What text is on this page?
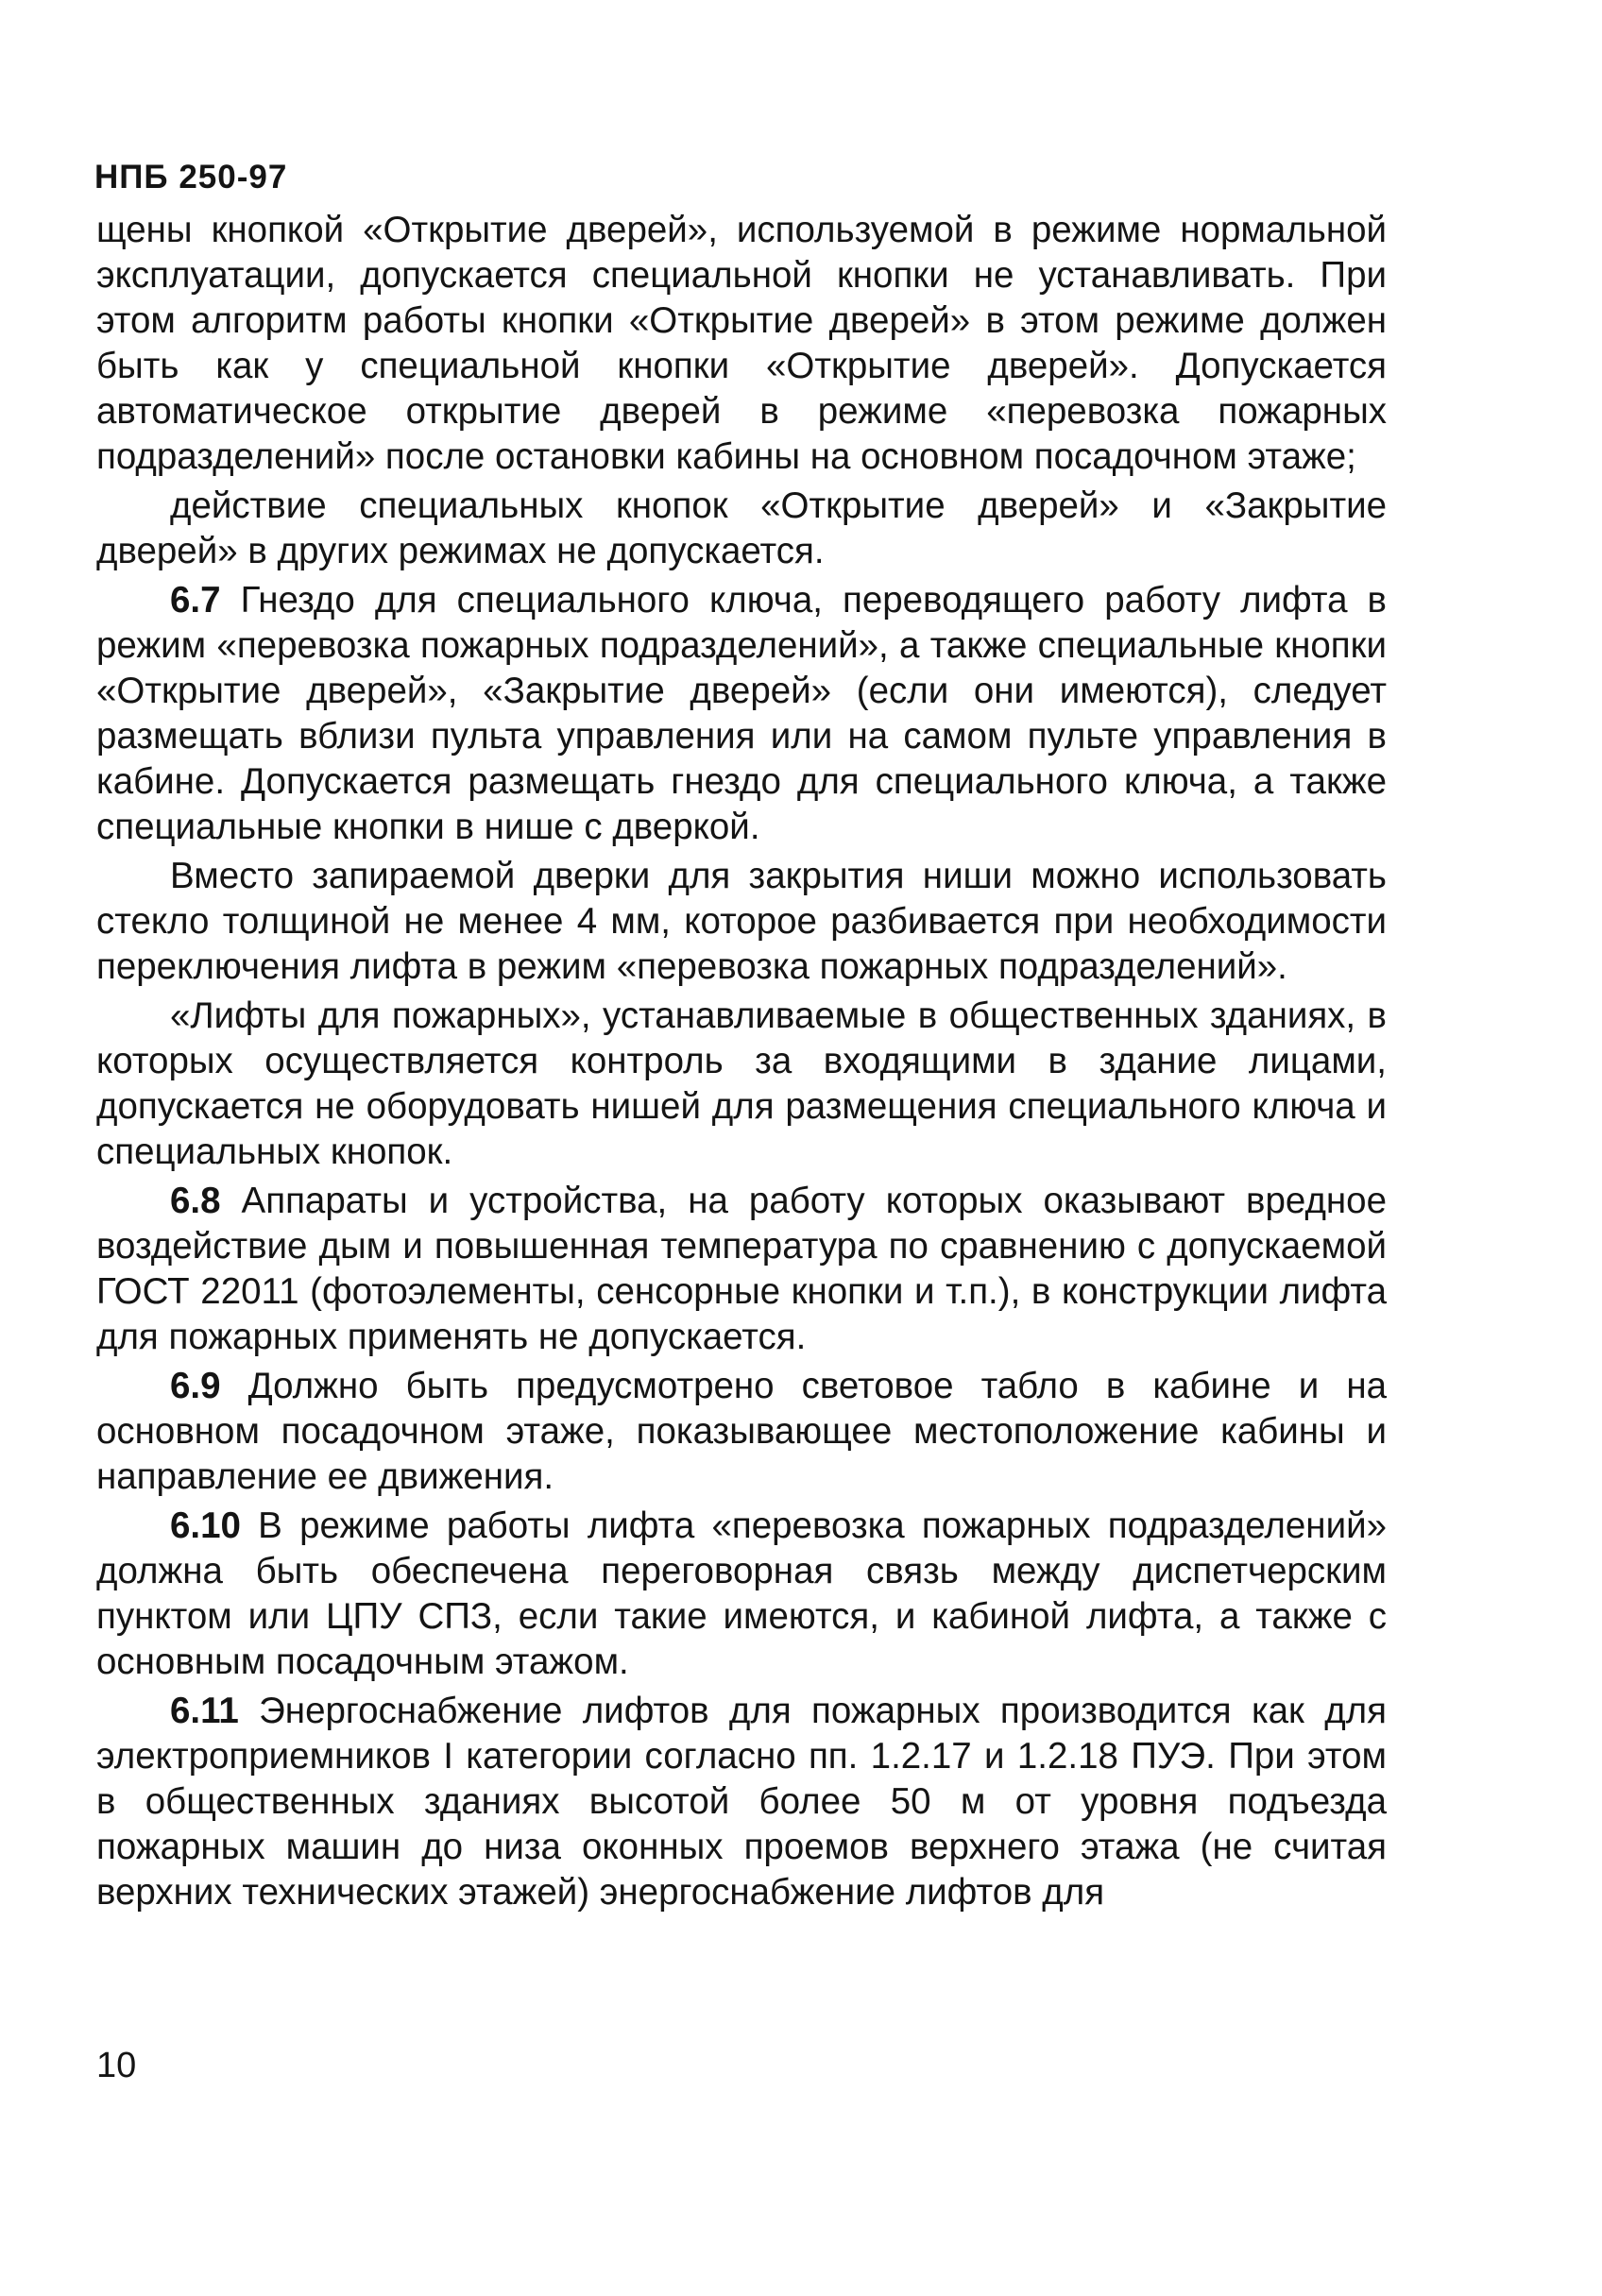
НПБ 250-97

щены кнопкой «Открытие дверей», используемой в режиме нормальной эксплуатации, допускается специальной кнопки не устанавливать. При этом алгоритм работы кнопки «Открытие дверей» в этом режиме должен быть как у специальной кнопки «Открытие дверей». Допускается автоматическое открытие дверей в режиме «перевозка пожарных подразделений» после остановки кабины на основном посадочном этаже;

действие специальных кнопок «Открытие дверей» и «Закрытие дверей» в других режимах не допускается.

6.7 Гнездо для специального ключа, переводящего работу лифта в режим «перевозка пожарных подразделений», а также специальные кнопки «Открытие дверей», «Закрытие дверей» (если они имеются), следует размещать вблизи пульта управления или на самом пульте управления в кабине. Допускается размещать гнездо для специального ключа, а также специальные кнопки в нише с дверкой.

Вместо запираемой дверки для закрытия ниши можно использовать стекло толщиной не менее 4 мм, которое разбивается при необходимости переключения лифта в режим «перевозка пожарных подразделений».

«Лифты для пожарных», устанавливаемые в общественных зданиях, в которых осуществляется контроль за входящими в здание лицами, допускается не оборудовать нишей для размещения специального ключа и специальных кнопок.

6.8 Аппараты и устройства, на работу которых оказывают вредное воздействие дым и повышенная температура по сравнению с допускаемой ГОСТ 22011 (фотоэлементы, сенсорные кнопки и т.п.), в конструкции лифта для пожарных применять не допускается.

6.9 Должно быть предусмотрено световое табло в кабине и на основном посадочном этаже, показывающее местоположение кабины и направление ее движения.

6.10 В режиме работы лифта «перевозка пожарных подразделений» должна быть обеспечена переговорная связь между диспетчерским пунктом или ЦПУ СПЗ, если такие имеются, и кабиной лифта, а также с основным посадочным этажом.

6.11 Энергоснабжение лифтов для пожарных производится как для электроприемников I категории согласно пп. 1.2.17 и 1.2.18 ПУЭ. При этом в общественных зданиях высотой более 50 м от уровня подъезда пожарных машин до низа оконных проемов верхнего этажа (не считая верхних технических этажей) энергоснабжение лифтов для

10
